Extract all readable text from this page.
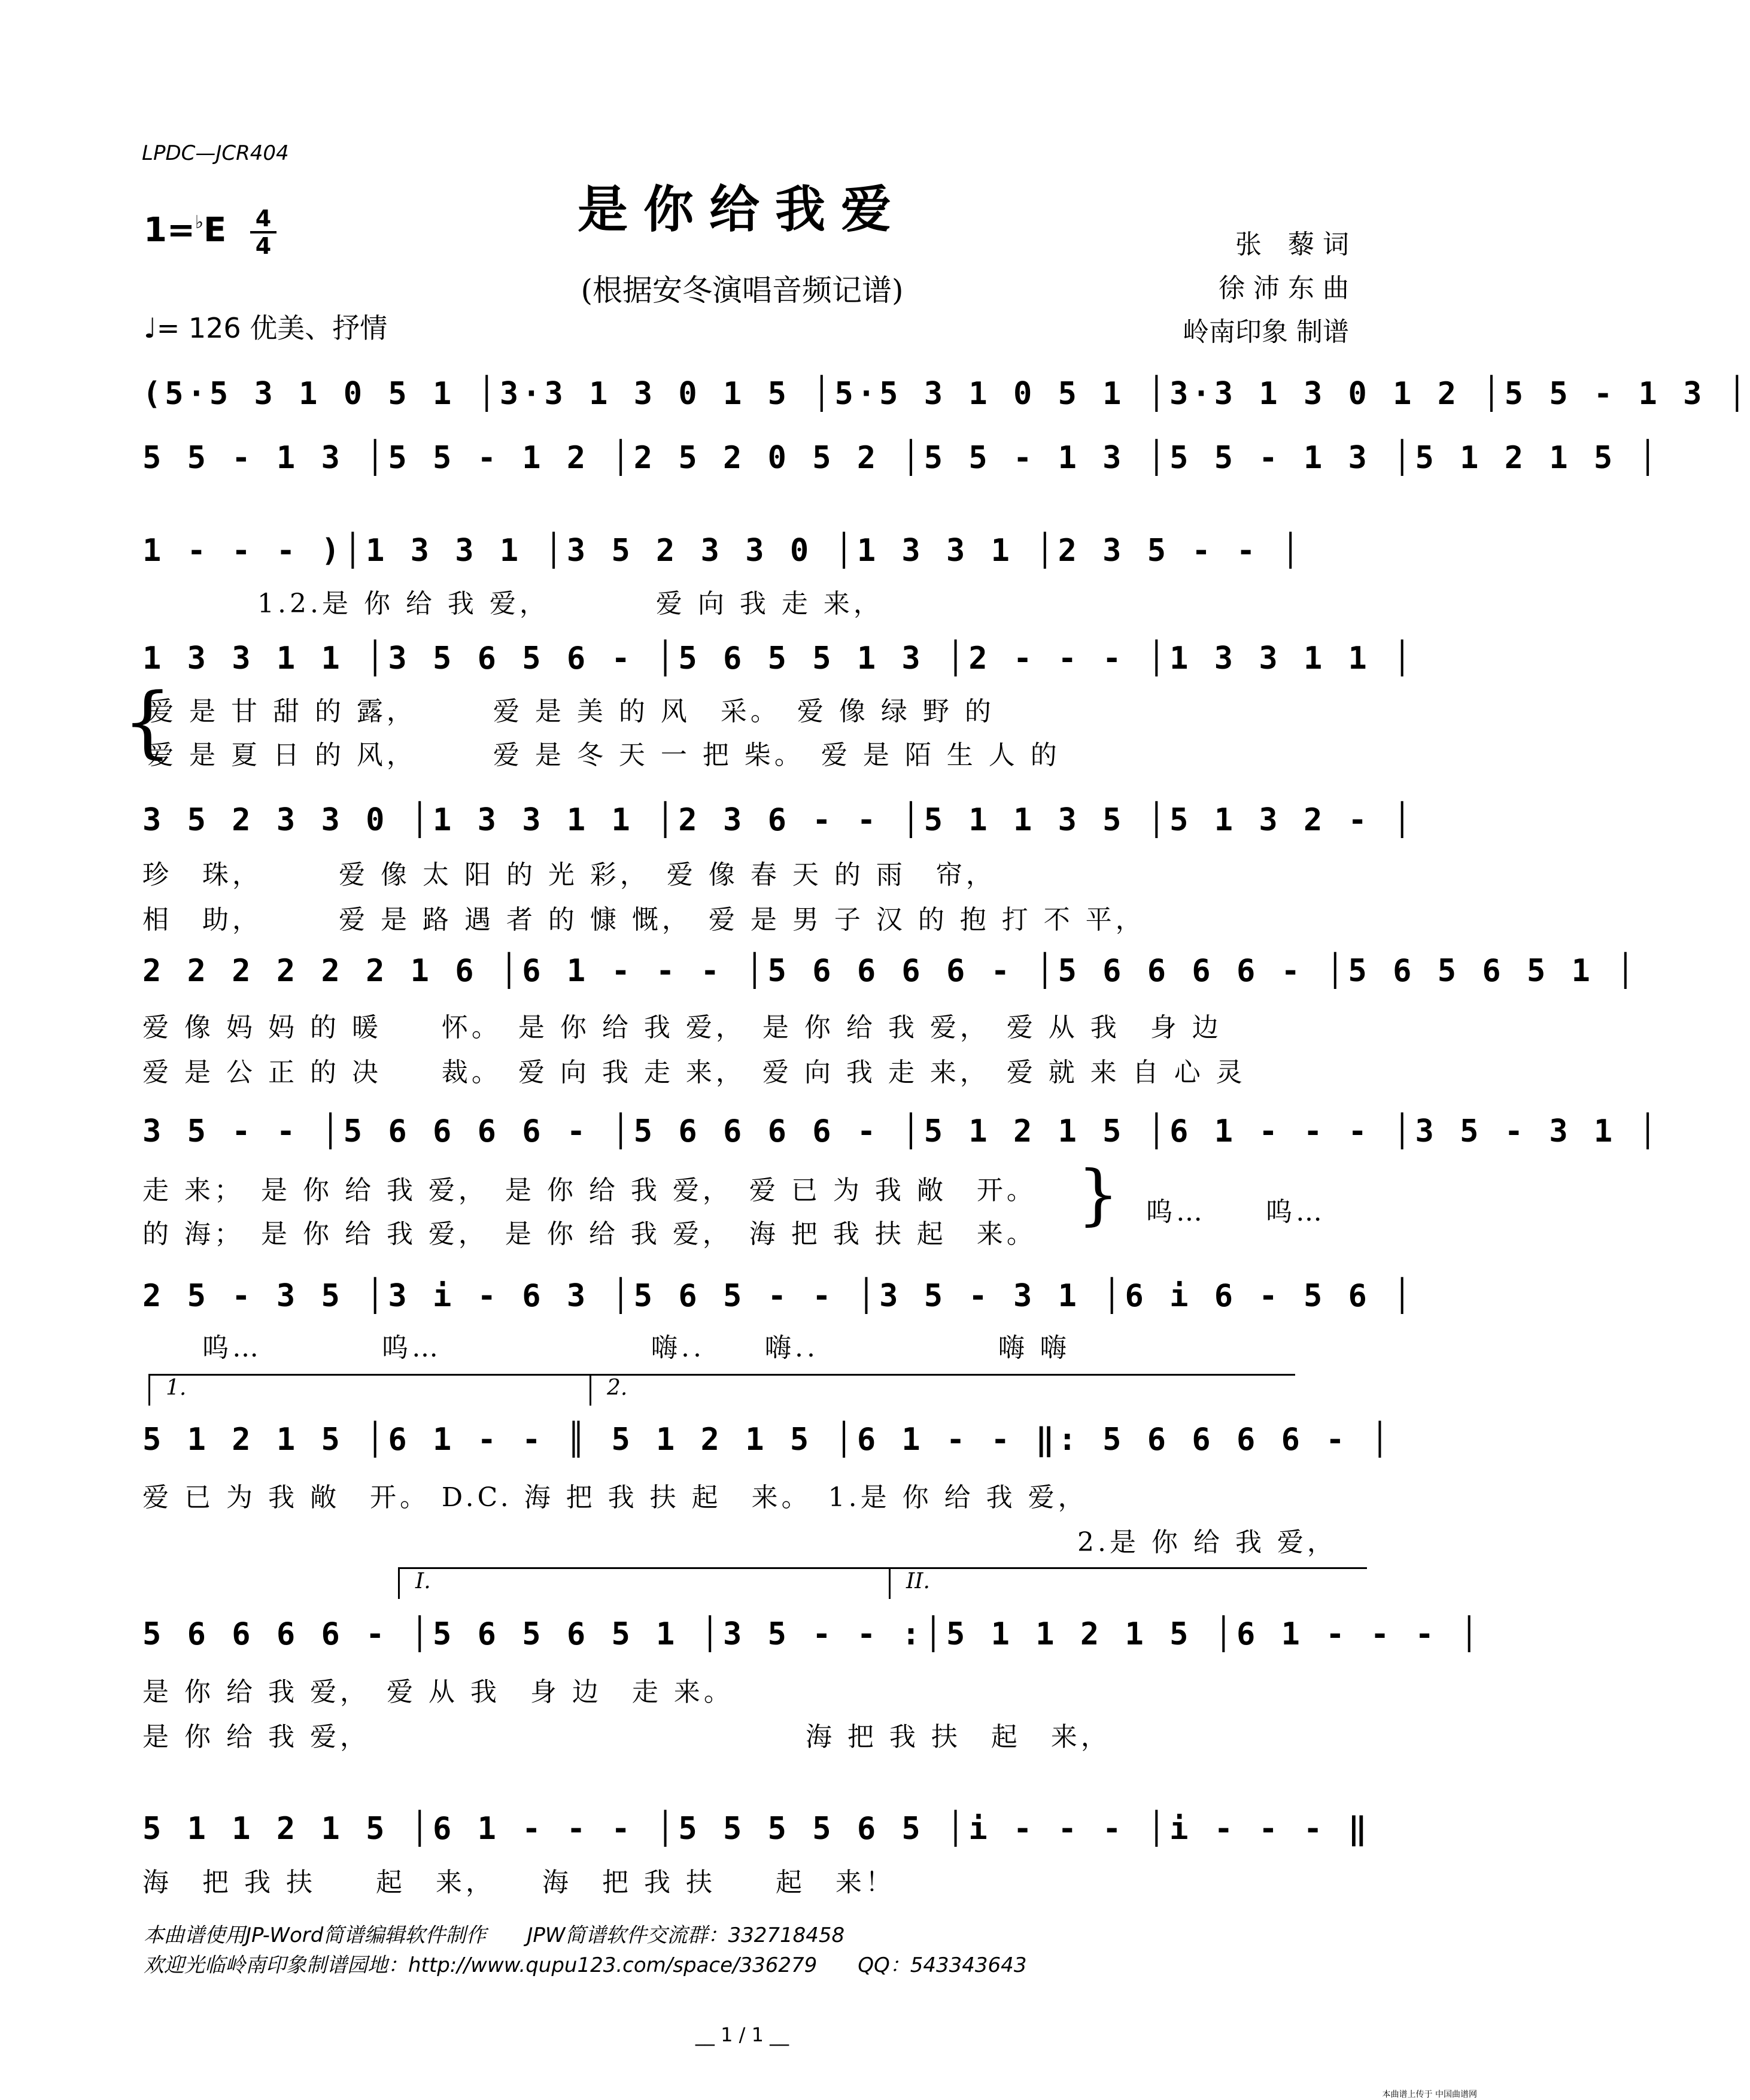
LPDC—JCR404
是你给我爱
1=♭E 4
4
(根据安冬演唱音频记谱)
♩= 126 优美、抒情
张　藜 词
徐 沛 东 曲
岭南印象 制谱
(5·5 3 1 0 5 1 │3·3 1 3 0 1 5 │5·5 3 1 0 5 1 │3·3 1 3 0 1 2 │5 5 - 1 3 │
5 5 - 1 3 │5 5 - 1 2 │2 5 2 0 5 2 │5 5 - 1 3 │5 5 - 1 3 │5 1 2 1 5 │
1 - - - )│1 3 3 1 │3 5 2 3 3 0 │1 3 3 1 │2 3 5 - - │
1.2.是 你 给 我 爱，　　　　爱 向 我 走 来，
1 3 3 1 1 │3 5 6 5 6 - │5 6 5 5 1 3 │2 - - - │1 3 3 1 1 │
{
爱 是 甘 甜 的 露，　　　爱 是 美 的 风　采。　爱 像 绿 野 的
爱 是 夏 日 的 风，　　　爱 是 冬 天 一 把 柴。　爱 是 陌 生 人 的
3 5 2 3 3 0 │1 3 3 1 1 │2 3 6 - - │5 1 1 3 5 │5 1 3 2 - │
珍　珠，　　　爱 像 太 阳 的 光 彩，　爱 像 春 天 的 雨　帘，
相　助，　　　爱 是 路 遇 者 的 慷 慨，　爱 是 男 子 汉 的 抱 打 不 平，
2 2 2 2 2 2 1 6 │6 1 - - - │5 6 6 6 6 - │5 6 6 6 6 - │5 6 5 6 5 1 │
爱 像 妈 妈 的 暖　　怀。　是 你 给 我 爱，　是 你 给 我 爱，　爱 从 我　身 边
爱 是 公 正 的 决　　裁。　爱 向 我 走 来，　爱 向 我 走 来，　爱 就 来 自 心 灵
3 5 - - │5 6 6 6 6 - │5 6 6 6 6 - │5 1 2 1 5 │6 1 - - - │3 5 - 3 1 │
走 来；　是 你 给 我 爱，　是 你 给 我 爱，　爱 已 为 我 敞　开。
的 海；　是 你 给 我 爱，　是 你 给 我 爱，　海 把 我 扶 起　来。
} 呜…　　呜…
2 5 - 3 5 │3 i - 6 3 │5 6 5 - - │3 5 - 3 1 │6 i 6 - 5 6 │
　　呜…　　　　呜…　　　　　　　嗨..　　嗨..　　　　　　嗨 嗨
1.	2.
5 1 2 1 5 │6 1 - - ║ 5 1 2 1 5 │6 1 - - ‖: 5 6 6 6 6 - │
爱 已 为 我 敞　开。 D.C. 海 把 我 扶 起　来。　1.是 你 给 我 爱，
2.是 你 给 我 爱，
I.	II.
5 6 6 6 6 - │5 6 5 6 5 1 │3 5 - - :│5 1 1 2 1 5 │6 1 - - - │
是 你 给 我 爱，　爱 从 我　身 边　走 来。
是 你 给 我 爱，　　　　　　　　　　　　　　　海 把 我 扶　起　来，
5 1 1 2 1 5 │6 1 - - - │5 5 5 5 6 5 │i - - - │i - - - ‖
海　把 我 扶　　起　来，　　海　把 我 扶　　起　来！
本曲谱使用JP-Word简谱编辑软件制作　　JPW简谱软件交流群：332718458
欢迎光临岭南印象制谱园地：http://www.qupu123.com/space/336279　　QQ：543343643
__ 1 / 1 __
本曲谱上传于 中国曲谱网
